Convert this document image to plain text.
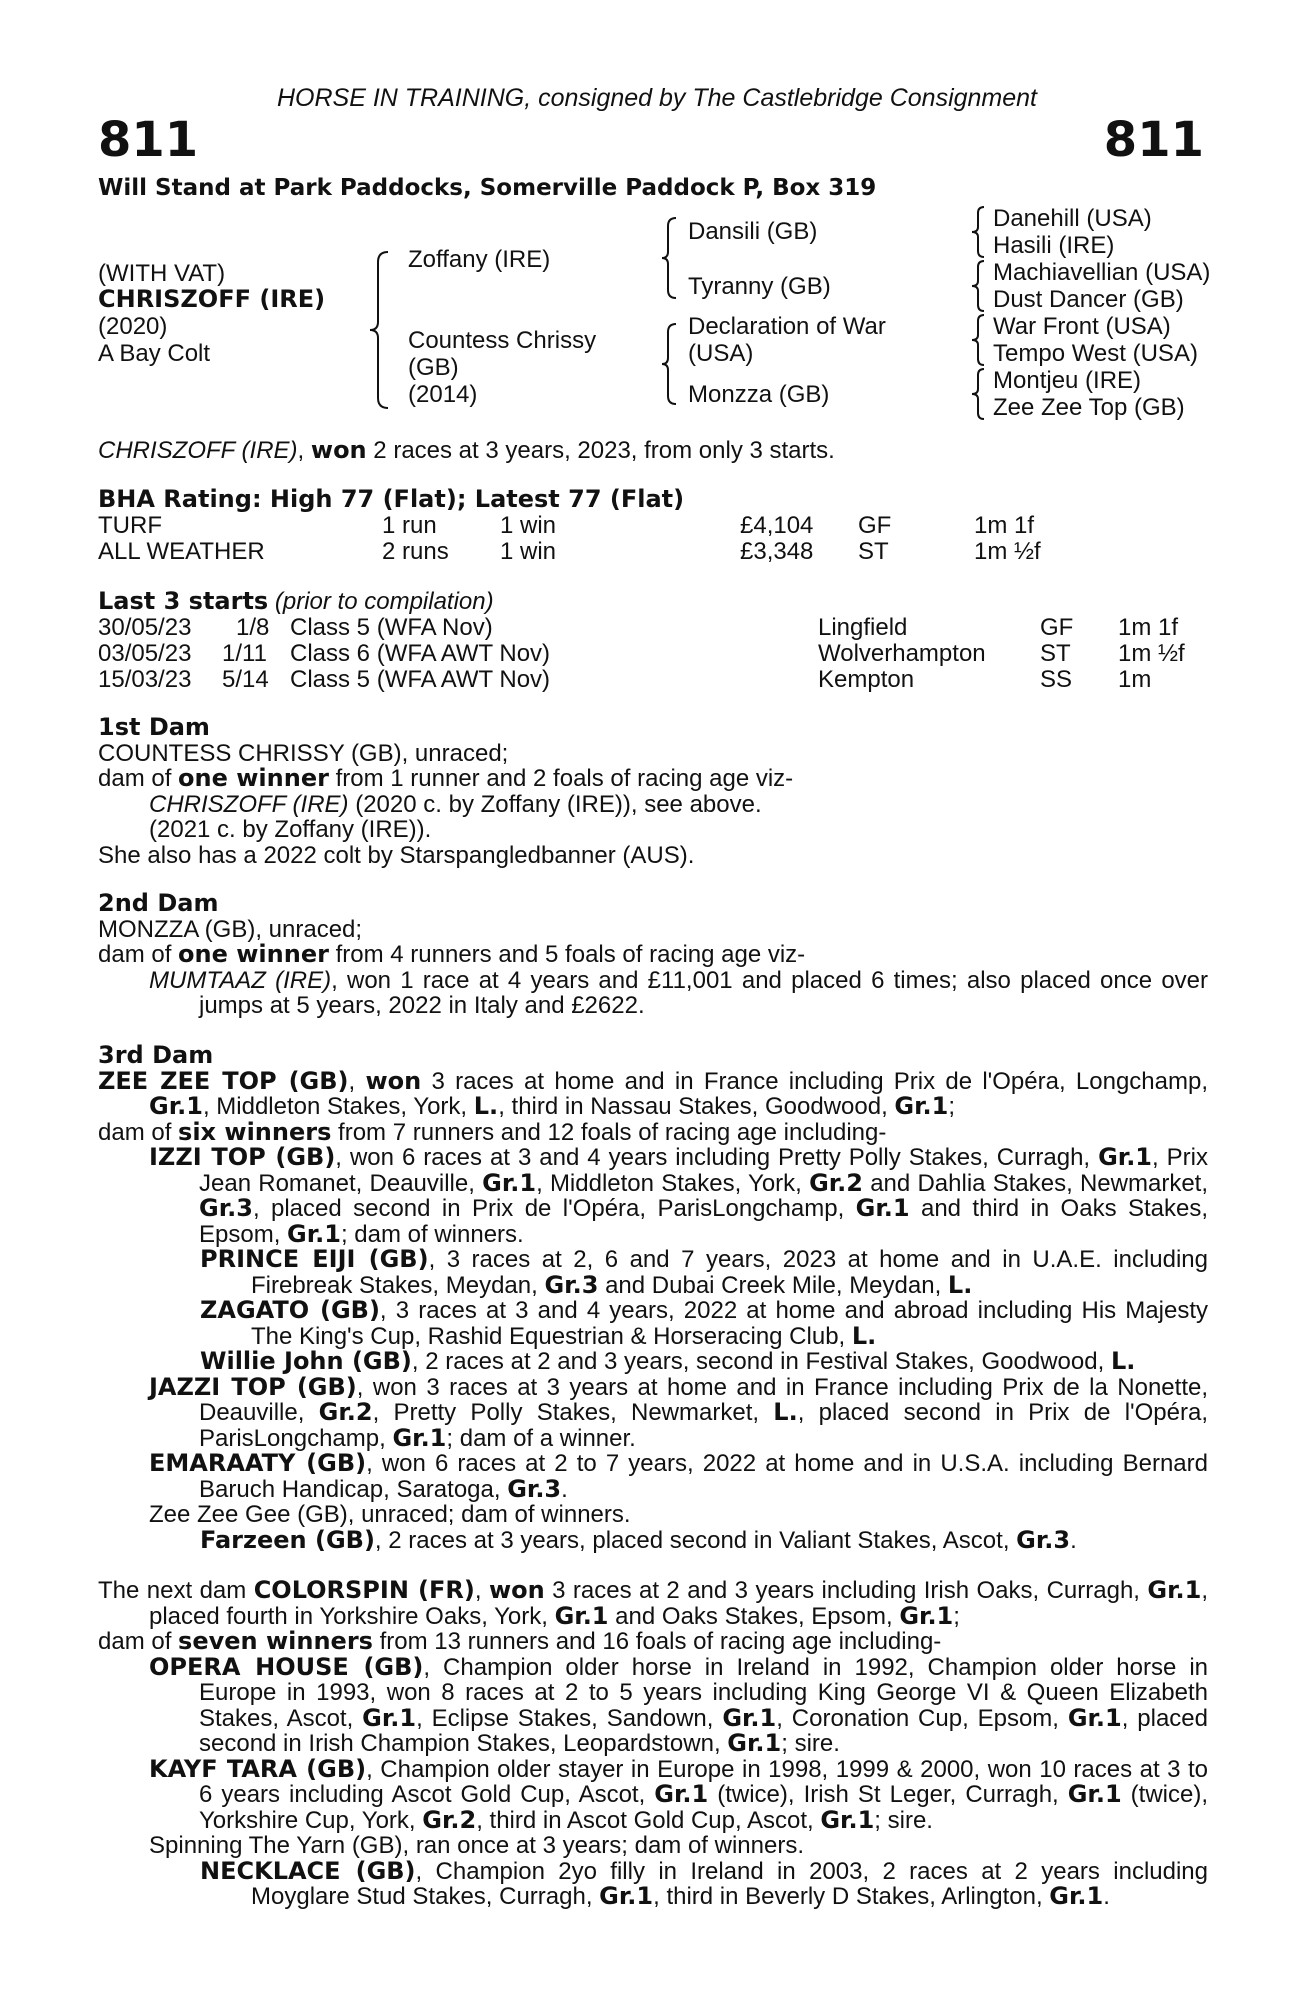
HORSE IN TRAINING, consigned by The Castlebridge Consignment
811	811
Will Stand at Park Paddocks, Somerville Paddock P, Box 319
(WITH VAT)
CHRISZOFF (IRE)
(2020)
A Bay Colt
Zoffany (IRE)
Countess Chrissy
(GB)
(2014)
Dansili (GB)
Tyranny (GB)
Declaration of War
(USA)
Monzza (GB)
Danehill (USA)
Hasili (IRE)
Machiavellian (USA)
Dust Dancer (GB)
War Front (USA)
Tempo West (USA)
Montjeu (IRE)
Zee Zee Top (GB)
CHRISZOFF (IRE), won 2 races at 3 years, 2023, from only 3 starts.
BHA Rating: High 77 (Flat); Latest 77 (Flat)
TURF	1 run	1 win	£4,104 GF	1m 1f
ALL WEATHER	2 runs 1 win	£3,348 ST	1m ½f
Last 3 starts (prior to compilation)
30/05/23 1/8 Class 5 (WFA Nov)	Lingfield	GF 1m 1f
03/05/23 1/11 Class 6 (WFA AWT Nov)	Wolverhampton ST 1m ½f
15/03/23 5/14 Class 5 (WFA AWT Nov)	Kempton	SS 1m

1st Dam

COUNTESS CHRISSY (GB), unraced;

dam of one winner from 1 runner and 2 foals of racing age viz-

CHRISZOFF (IRE) (2020 c. by Zoffany (IRE)), see above.

(2021 c. by Zoffany (IRE)).

She also has a 2022 colt by Starspangledbanner (AUS).

2nd Dam

MONZZA (GB), unraced;

dam of one winner from 4 runners and 5 foals of racing age viz-

MUMTAAZ (IRE), won 1 race at 4 years and £11,001 and placed 6 times; also placed once over jumps at 5 years, 2022 in Italy and £2622.

3rd Dam

ZEE ZEE TOP (GB), won 3 races at home and in France including Prix de l'Opéra, Longchamp, Gr.1, Middleton Stakes, York, L., third in Nassau Stakes, Goodwood, Gr.1;

dam of six winners from 7 runners and 12 foals of racing age including-

IZZI TOP (GB), won 6 races at 3 and 4 years including Pretty Polly Stakes, Curragh, Gr.1, Prix Jean Romanet, Deauville, Gr.1, Middleton Stakes, York, Gr.2 and Dahlia Stakes, Newmarket, Gr.3, placed second in Prix de l'Opéra, ParisLongchamp, Gr.1 and third in Oaks Stakes, Epsom, Gr.1; dam of winners.

PRINCE EIJI (GB), 3 races at 2, 6 and 7 years, 2023 at home and in U.A.E. including Firebreak Stakes, Meydan, Gr.3 and Dubai Creek Mile, Meydan, L.

ZAGATO (GB), 3 races at 3 and 4 years, 2022 at home and abroad including His Majesty The King's Cup, Rashid Equestrian & Horseracing Club, L.

Willie John (GB), 2 races at 2 and 3 years, second in Festival Stakes, Goodwood, L.

JAZZI TOP (GB), won 3 races at 3 years at home and in France including Prix de la Nonette, Deauville, Gr.2, Pretty Polly Stakes, Newmarket, L., placed second in Prix de l'Opéra, ParisLongchamp, Gr.1; dam of a winner.

EMARAATY (GB), won 6 races at 2 to 7 years, 2022 at home and in U.S.A. including Bernard Baruch Handicap, Saratoga, Gr.3.

Zee Zee Gee (GB), unraced; dam of winners.

Farzeen (GB), 2 races at 3 years, placed second in Valiant Stakes, Ascot, Gr.3.

The next dam COLORSPIN (FR), won 3 races at 2 and 3 years including Irish Oaks, Curragh, Gr.1, placed fourth in Yorkshire Oaks, York, Gr.1 and Oaks Stakes, Epsom, Gr.1;

dam of seven winners from 13 runners and 16 foals of racing age including-

OPERA HOUSE (GB), Champion older horse in Ireland in 1992, Champion older horse in Europe in 1993, won 8 races at 2 to 5 years including King George VI & Queen Elizabeth Stakes, Ascot, Gr.1, Eclipse Stakes, Sandown, Gr.1, Coronation Cup, Epsom, Gr.1, placed second in Irish Champion Stakes, Leopardstown, Gr.1; sire.

KAYF TARA (GB), Champion older stayer in Europe in 1998, 1999 & 2000, won 10 races at 3 to 6 years including Ascot Gold Cup, Ascot, Gr.1 (twice), Irish St Leger, Curragh, Gr.1 (twice), Yorkshire Cup, York, Gr.2, third in Ascot Gold Cup, Ascot, Gr.1; sire.

Spinning The Yarn (GB), ran once at 3 years; dam of winners.

NECKLACE (GB), Champion 2yo filly in Ireland in 2003, 2 races at 2 years including Moyglare Stud Stakes, Curragh, Gr.1, third in Beverly D Stakes, Arlington, Gr.1.
